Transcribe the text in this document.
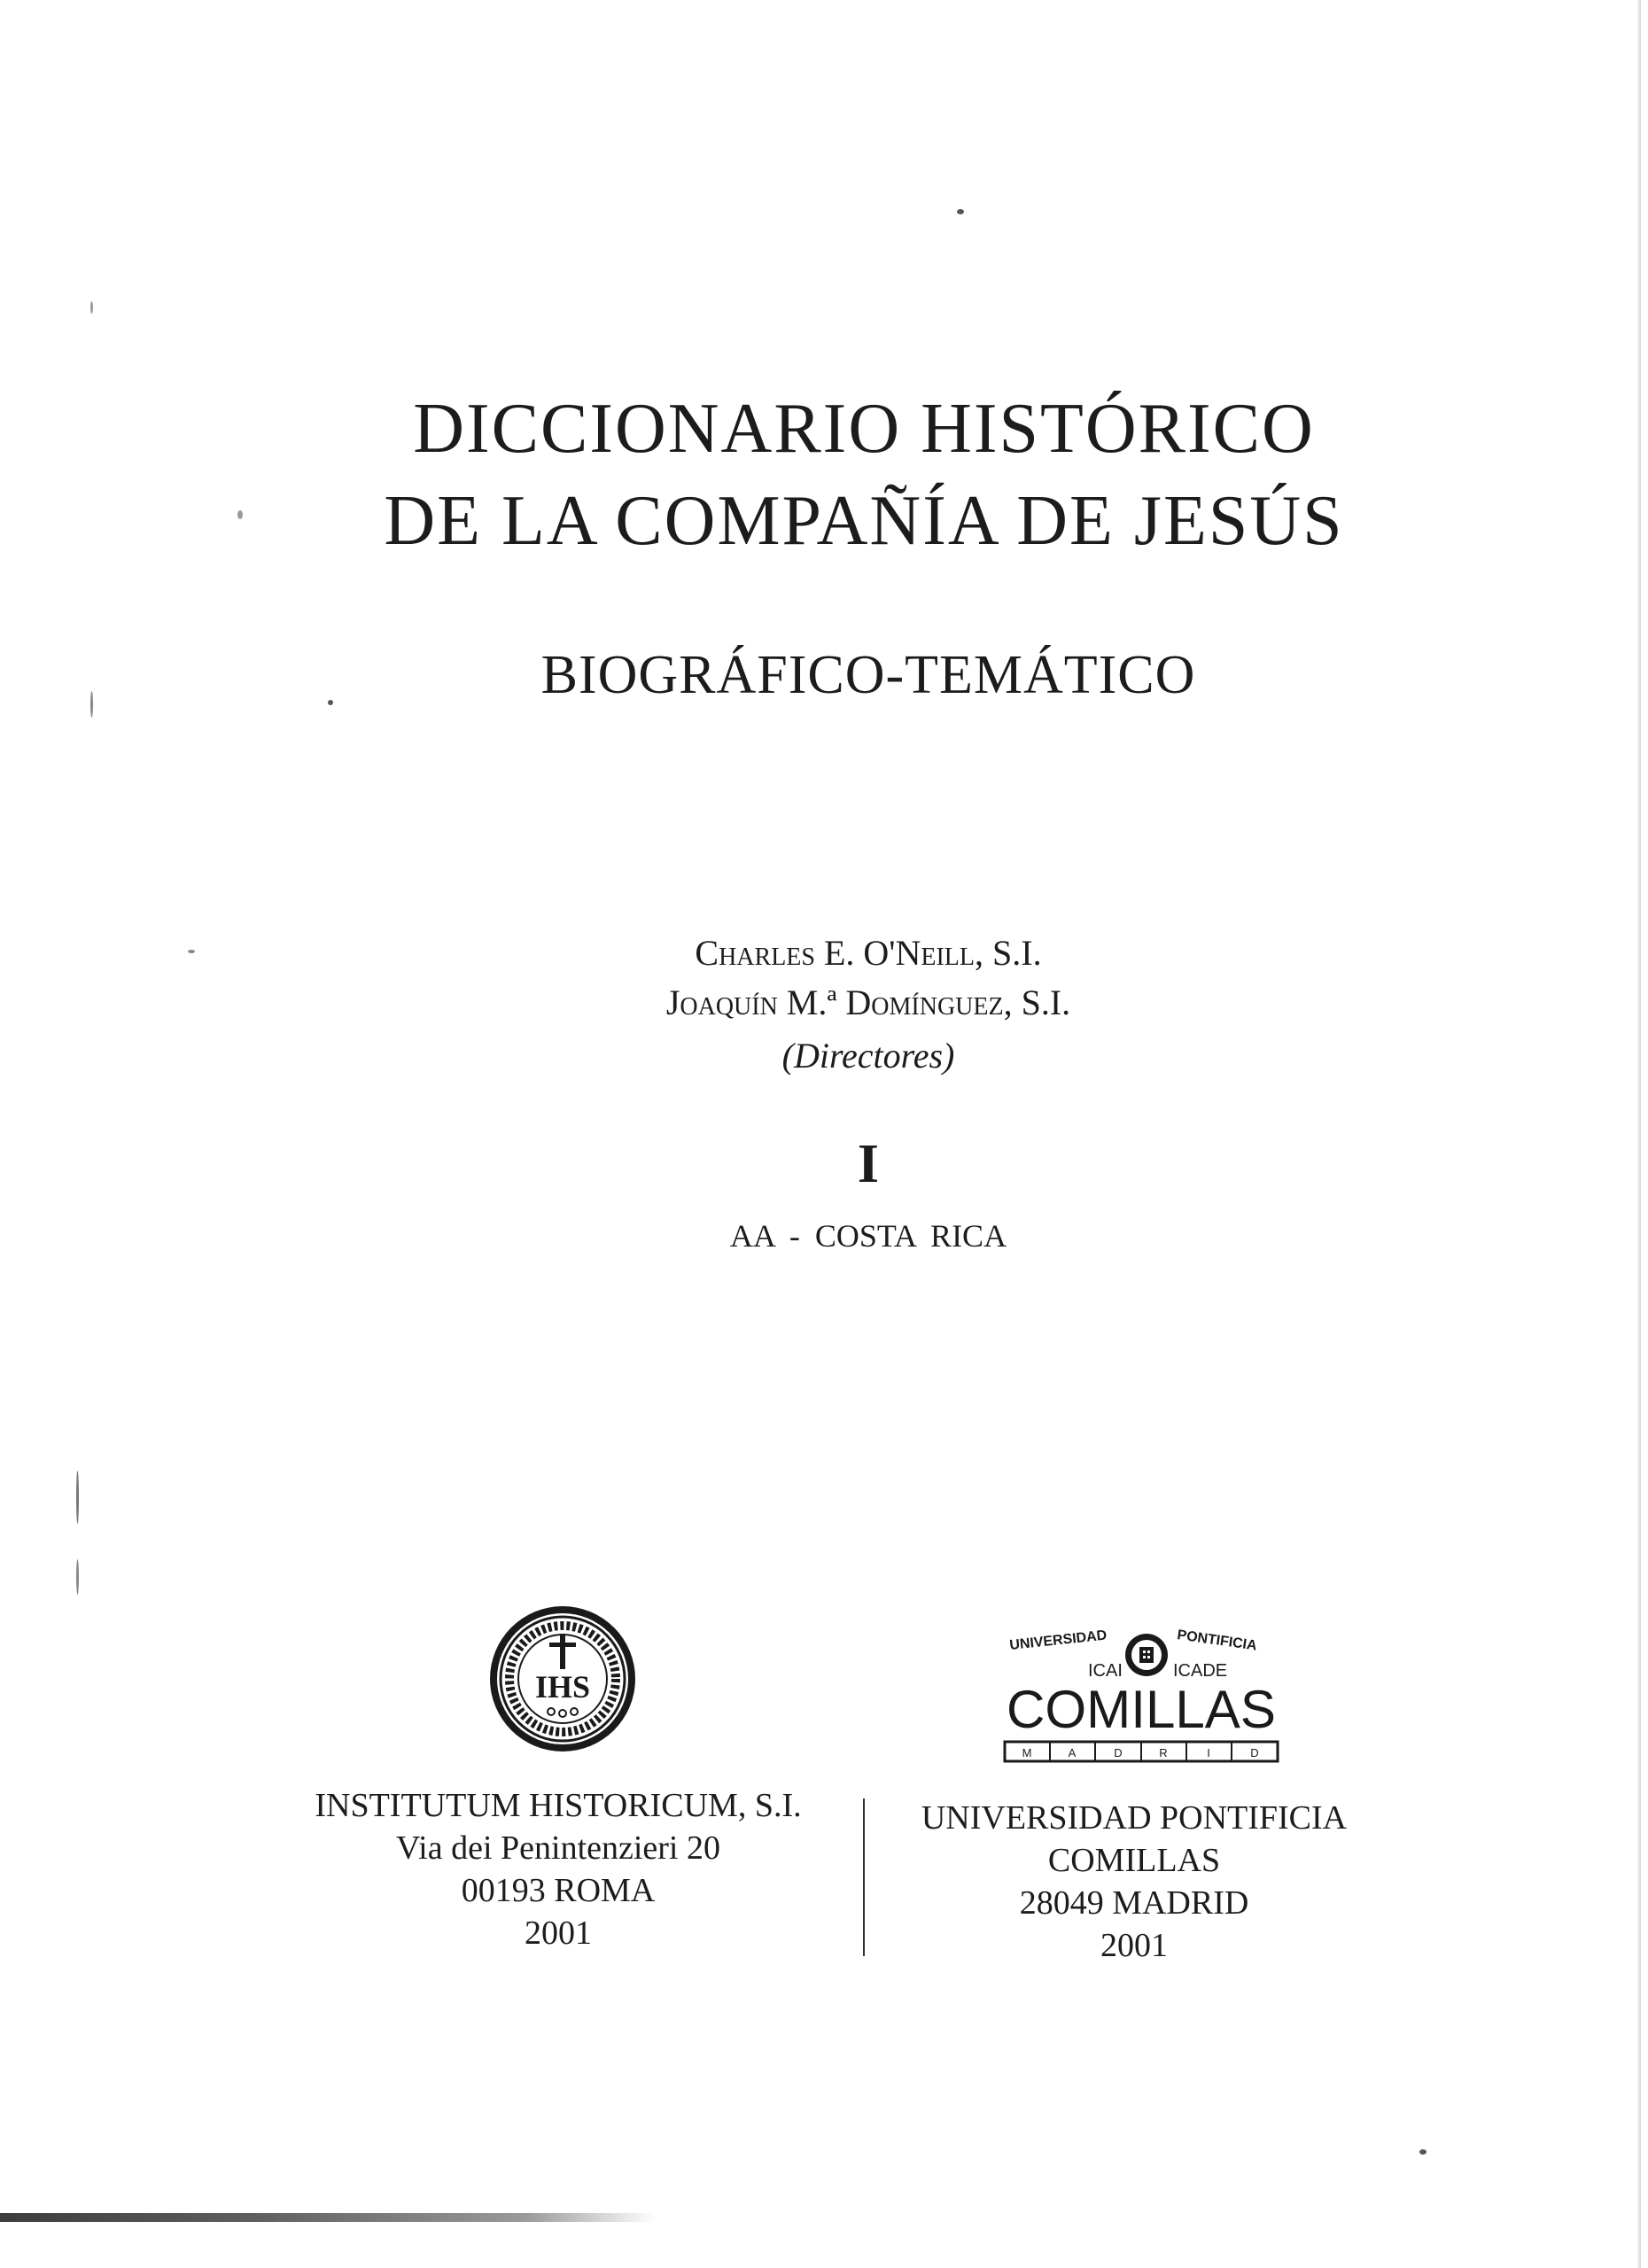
DICCIONARIO HISTÓRICO
DE LA COMPAÑÍA DE JESÚS
BIOGRÁFICO-TEMÁTICO
Charles E. O'Neill, S.I.
Joaquín M.ª Domínguez, S.I.
(Directores)
I
AA - COSTA RICA
IHS
UNIVERSIDAD	PONTIFICIA
ICAI	ICADE
COMILLAS
M	A	D	R	I	D
INSTITUTUM HISTORICUM, S.I.
Via dei Penintenzieri 20
00193 ROMA
2001
UNIVERSIDAD PONTIFICIA
COMILLAS
28049 MADRID
2001
